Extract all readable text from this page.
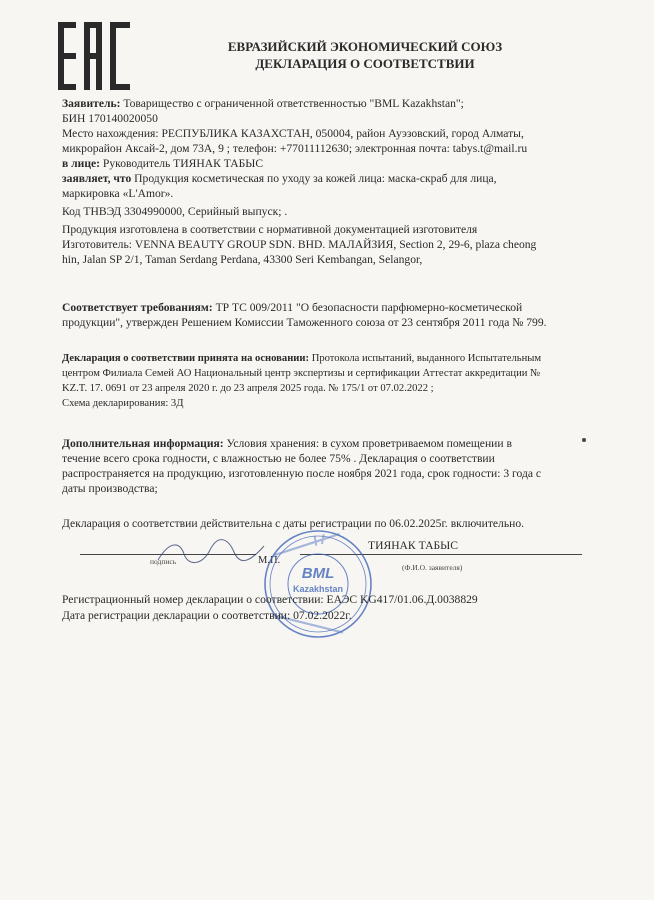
ЕВРАЗИЙСКИЙ ЭКОНОМИЧЕСКИЙ СОЮЗ
ДЕКЛАРАЦИЯ О СООТВЕТСТВИИ

Заявитель: Товарищество с ограниченной ответственностью "BML Kazakhstan";

БИН 170140020050

Место нахождения: РЕСПУБЛИКА КАЗАХСТАН, 050004, район Ауэзовский, город Алматы,

микрорайон Аксай-2, дом 73А, 9 ; телефон: +77011112630; электронная почта: tabys.t@mail.ru

в лице: Руководитель ТИЯНАК ТАБЫС

заявляет, что Продукция косметическая по уходу за кожей лица: маска-скраб для лица,

маркировка «L'Amor».

Код ТНВЭД 3304990000, Серийный выпуск; .

Продукция изготовлена в соответствии с нормативной документацией изготовителя

Изготовитель: VENNA BEAUTY GROUP SDN. BHD. МАЛАЙЗИЯ, Section 2, 29-6, plaza cheong

hin, Jalan SP 2/1, Taman Serdang Perdana, 43300 Seri Kembangan, Selangor,

Соответствует требованиям: ТР ТС 009/2011 "О безопасности парфюмерно-косметической

продукции", утвержден Решением Комиссии Таможенного союза от 23 сентября 2011 года № 799.

Декларация о соответствии принята на основании: Протокола испытаний, выданного Испытательным

центром Филиала Семей АО Национальный центр экспертизы и сертификации Аттестат аккредитации №

KZ.T. 17. 0691 от 23 апреля 2020 г. до 23 апреля 2025 года. № 175/1 от 07.02.2022 ;

Схема декларирования: 3Д

Дополнительная информация: Условия хранения: в сухом проветриваемом помещении в

течение всего срока годности, с влажностью не более 75% . Декларация о соответствии

распространяется на продукцию, изготовленную после ноября 2021 года, срок годности: 3 года с

даты производства;

Декларация о соответствии действительна с даты регистрации по 06.02.2025г. включительно.
подпись	М.П.
ТИЯНАК ТАБЫС
(Ф.И.О. заявителя)
BML
Kazakhstan
Регистрационный номер декларации о соответствии: ЕАЭС KG417/01.06.Д.0038829
Дата регистрации декларации о соответствии: 07.02.2022г.
